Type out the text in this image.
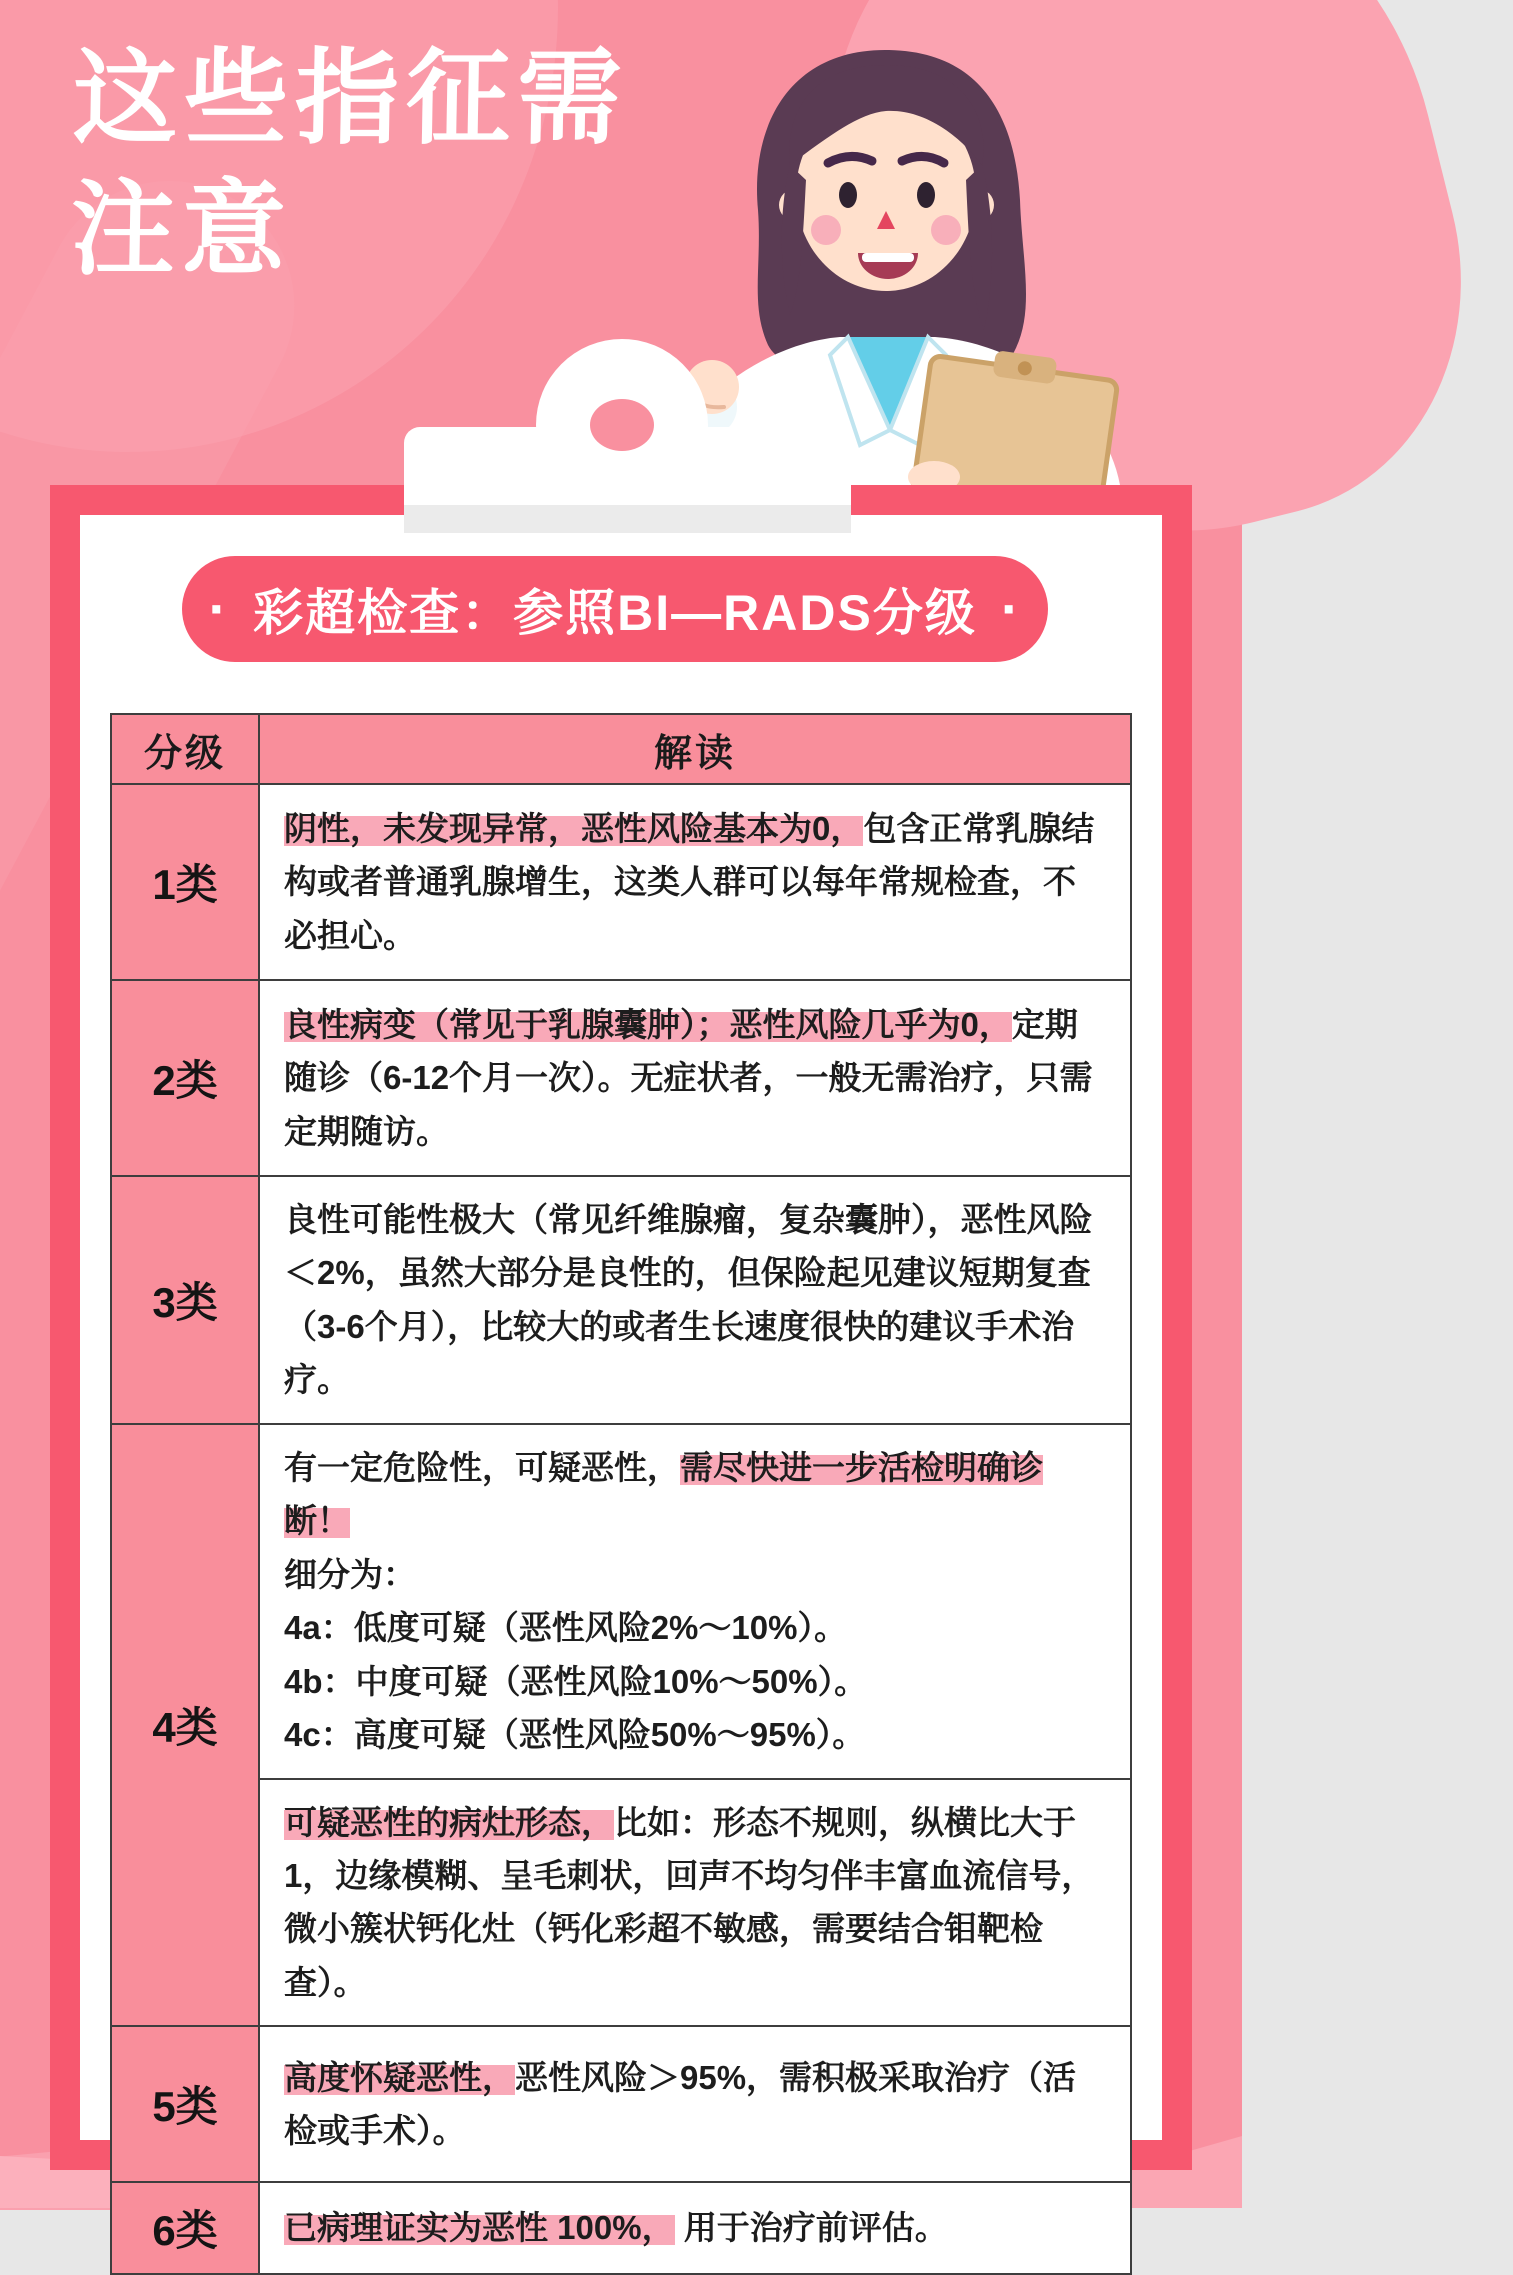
这些指征需
注意
· 彩超检查：参照BI—RADS分级 ·
分级	解读
1类	阴性，未发现异常，恶性风险基本为0，包含正常乳腺结构或者普通乳腺增生，这类人群可以每年常规检查，不必担心。
2类	良性病变（常见于乳腺囊肿）；恶性风险几乎为0，定期随诊（6-12个月一次）。无症状者，一般无需治疗，只需定期随访。
3类	良性可能性极大（常见纤维腺瘤，复杂囊肿），恶性风险＜2%，虽然大部分是良性的，但保险起见建议短期复查（3-6个月），比较大的或者生长速度很快的建议手术治疗。
4类	有一定危险性，可疑恶性，需尽快进一步活检明确诊断！
细分为：
4a：低度可疑（恶性风险2%～10%）。
4b：中度可疑（恶性风险10%～50%）。
4c：高度可疑（恶性风险50%～95%）。

	可疑恶性的病灶形态，比如：形态不规则，纵横比大于1，边缘模糊、呈毛刺状，回声不均匀伴丰富血流信号，微小簇状钙化灶（钙化彩超不敏感，需要结合钼靶检查）。
5类	高度怀疑恶性，恶性风险＞95%，需积极采取治疗（活检或手术）。
6类	已病理证实为恶性 100%， 用于治疗前评估。
